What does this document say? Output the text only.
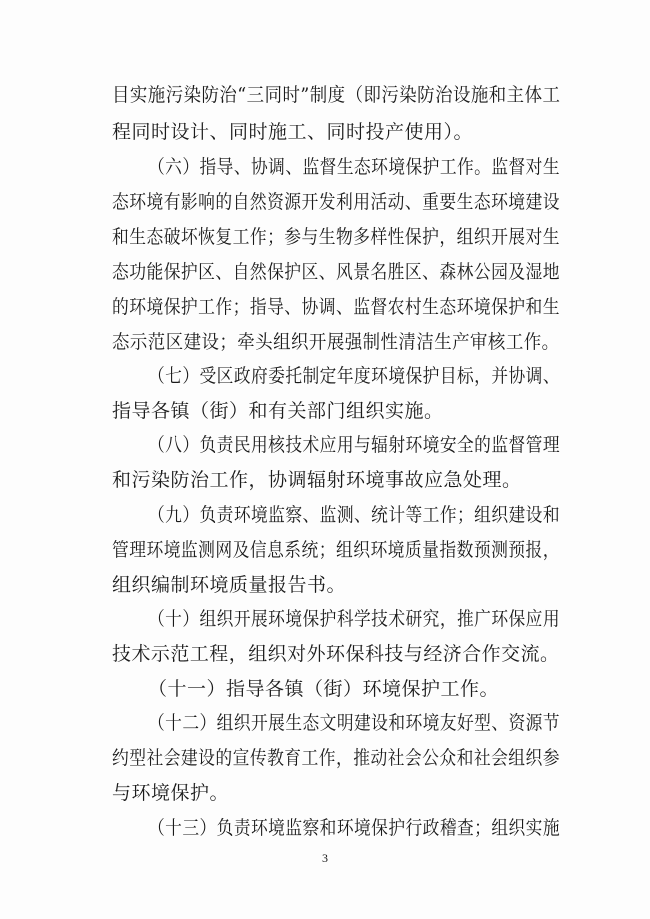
目实施污染防治“三同时”制度（即污染防治设施和主体工
程同时设计、同时施工、同时投产使用）。
（六）指导、协调、监督生态环境保护工作。监督对生
态环境有影响的自然资源开发利用活动、重要生态环境建设
和生态破坏恢复工作；参与生物多样性保护，组织开展对生
态功能保护区、自然保护区、风景名胜区、森林公园及湿地
的环境保护工作；指导、协调、监督农村生态环境保护和生
态示范区建设；牵头组织开展强制性清洁生产审核工作。
（七）受区政府委托制定年度环境保护目标，并协调、
指导各镇（街）和有关部门组织实施。
（八）负责民用核技术应用与辐射环境安全的监督管理
和污染防治工作，协调辐射环境事故应急处理。
（九）负责环境监察、监测、统计等工作；组织建设和
管理环境监测网及信息系统；组织环境质量指数预测预报，
组织编制环境质量报告书。
（十）组织开展环境保护科学技术研究，推广环保应用
技术示范工程，组织对外环保科技与经济合作交流。
（十一）指导各镇（街）环境保护工作。
（十二）组织开展生态文明建设和环境友好型、资源节
约型社会建设的宣传教育工作，推动社会公众和社会组织参
与环境保护。
（十三）负责环境监察和环境保护行政稽查；组织实施
3
